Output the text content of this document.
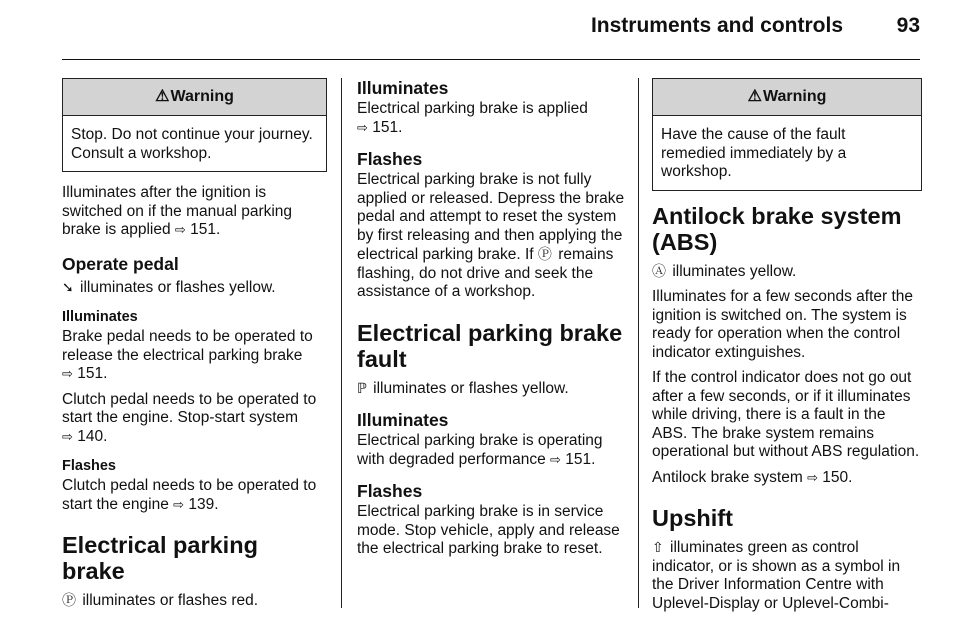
Instruments and controls	93
⚠ Warning
Stop. Do not continue your journey. Consult a workshop.

Illuminates after the ignition is switched on if the manual parking brake is applied ⇨ 151.

Operate pedal

➘ illuminates or flashes yellow.

Illuminates

Brake pedal needs to be operated to release the electrical parking brake
⇨ 151.

Clutch pedal needs to be operated to start the engine. Stop-start system
⇨ 140.

Flashes

Clutch pedal needs to be operated to start the engine ⇨ 139.

Electrical parking brake

Ⓟ illuminates or flashes red.

Illuminates

Electrical parking brake is applied
⇨ 151.

Flashes

Electrical parking brake is not fully applied or released. Depress the brake pedal and attempt to reset the system by first releasing and then applying the electrical parking brake. If Ⓟ remains flashing, do not drive and seek the assistance of a workshop.

Electrical parking brake fault

ℙ illuminates or flashes yellow.

Illuminates

Electrical parking brake is operating with degraded performance ⇨ 151.

Flashes

Electrical parking brake is in service mode. Stop vehicle, apply and release the electrical parking brake to reset.

⚠ Warning
Have the cause of the fault remedied immediately by a workshop.
Antilock brake system (ABS)

Ⓐ illuminates yellow.

Illuminates for a few seconds after the ignition is switched on. The system is ready for operation when the control indicator extinguishes.

If the control indicator does not go out after a few seconds, or if it illuminates while driving, there is a fault in the ABS. The brake system remains operational but without ABS regulation.

Antilock brake system ⇨ 150.

Upshift

⇧ illuminates green as control indicator, or is shown as a symbol in the Driver Information Centre with Uplevel-Display or Uplevel-Combi-
